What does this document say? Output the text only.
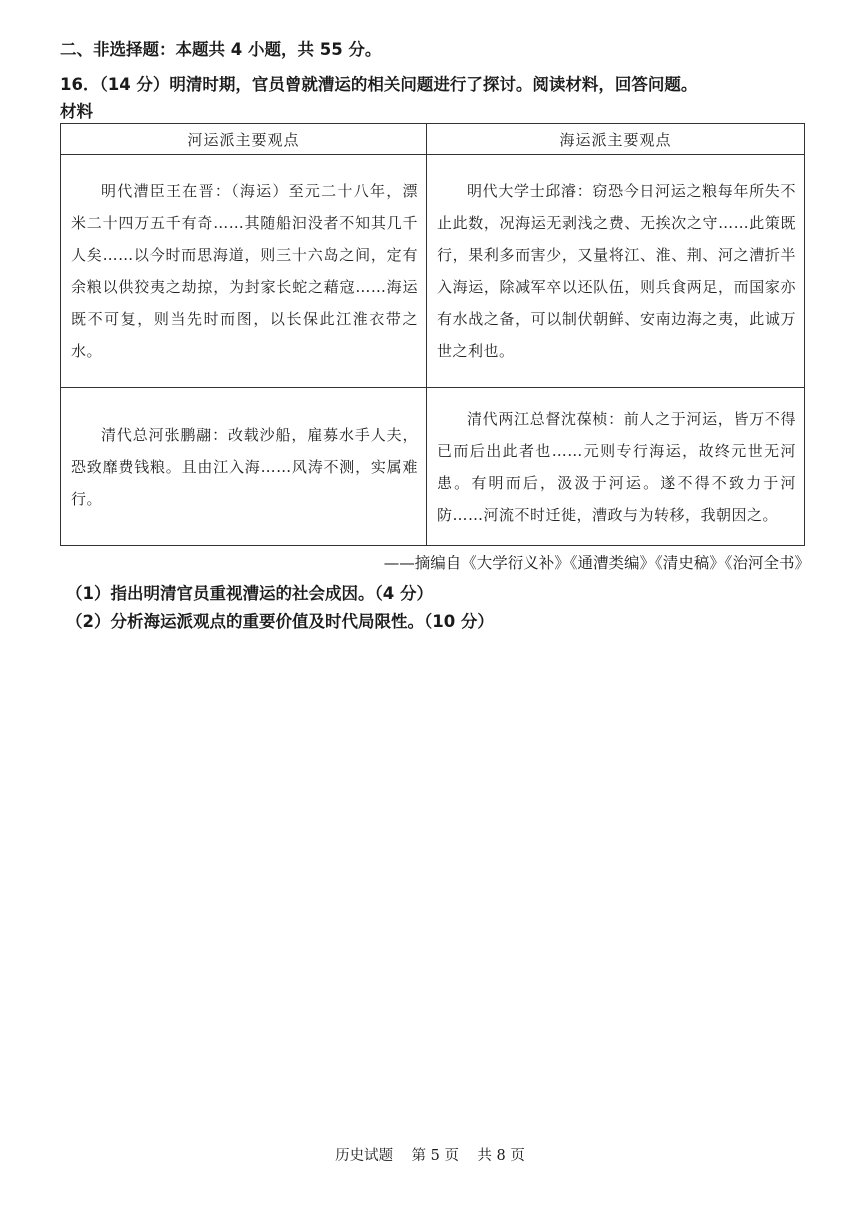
二、非选择题：本题共 4 小题，共 55 分。
16．（14 分）明清时期，官员曾就漕运的相关问题进行了探讨。阅读材料，回答问题。
材料
河运派主要观点	海运派主要观点
明代漕臣王在晋：（海运）至元二十八年，漂米二十四万五千有奇……其随船汩没者不知其几千人矣……以今时而思海道，则三十六岛之间，定有余粮以供狡夷之劫掠，为封家长蛇之藉寇……海运既不可复，则当先时而图，以长保此江淮衣带之水。	明代大学士邱濬：窃恐今日河运之粮每年所失不止此数，况海运无剥浅之费、无挨次之守……此策既行，果利多而害少，又量将江、淮、荆、河之漕折半入海运，除减军卒以还队伍，则兵食两足，而国家亦有水战之备，可以制伏朝鲜、安南边海之夷，此诚万世之利也。
清代总河张鹏翮：改载沙船，雇募水手人夫，恐致靡费钱粮。且由江入海……风涛不测，实属难行。	清代两江总督沈葆桢：前人之于河运，皆万不得已而后出此者也……元则专行海运，故终元世无河患。有明而后，汲汲于河运。遂不得不致力于河防……河流不时迁徙，漕政与为转移，我朝因之。
——摘编自《大学衍义补》《通漕类编》《清史稿》《治河全书》
（1）指出明清官员重视漕运的社会成因。（4 分）
（2）分析海运派观点的重要价值及时代局限性。（10 分）
历史试题    第 5 页    共 8 页
